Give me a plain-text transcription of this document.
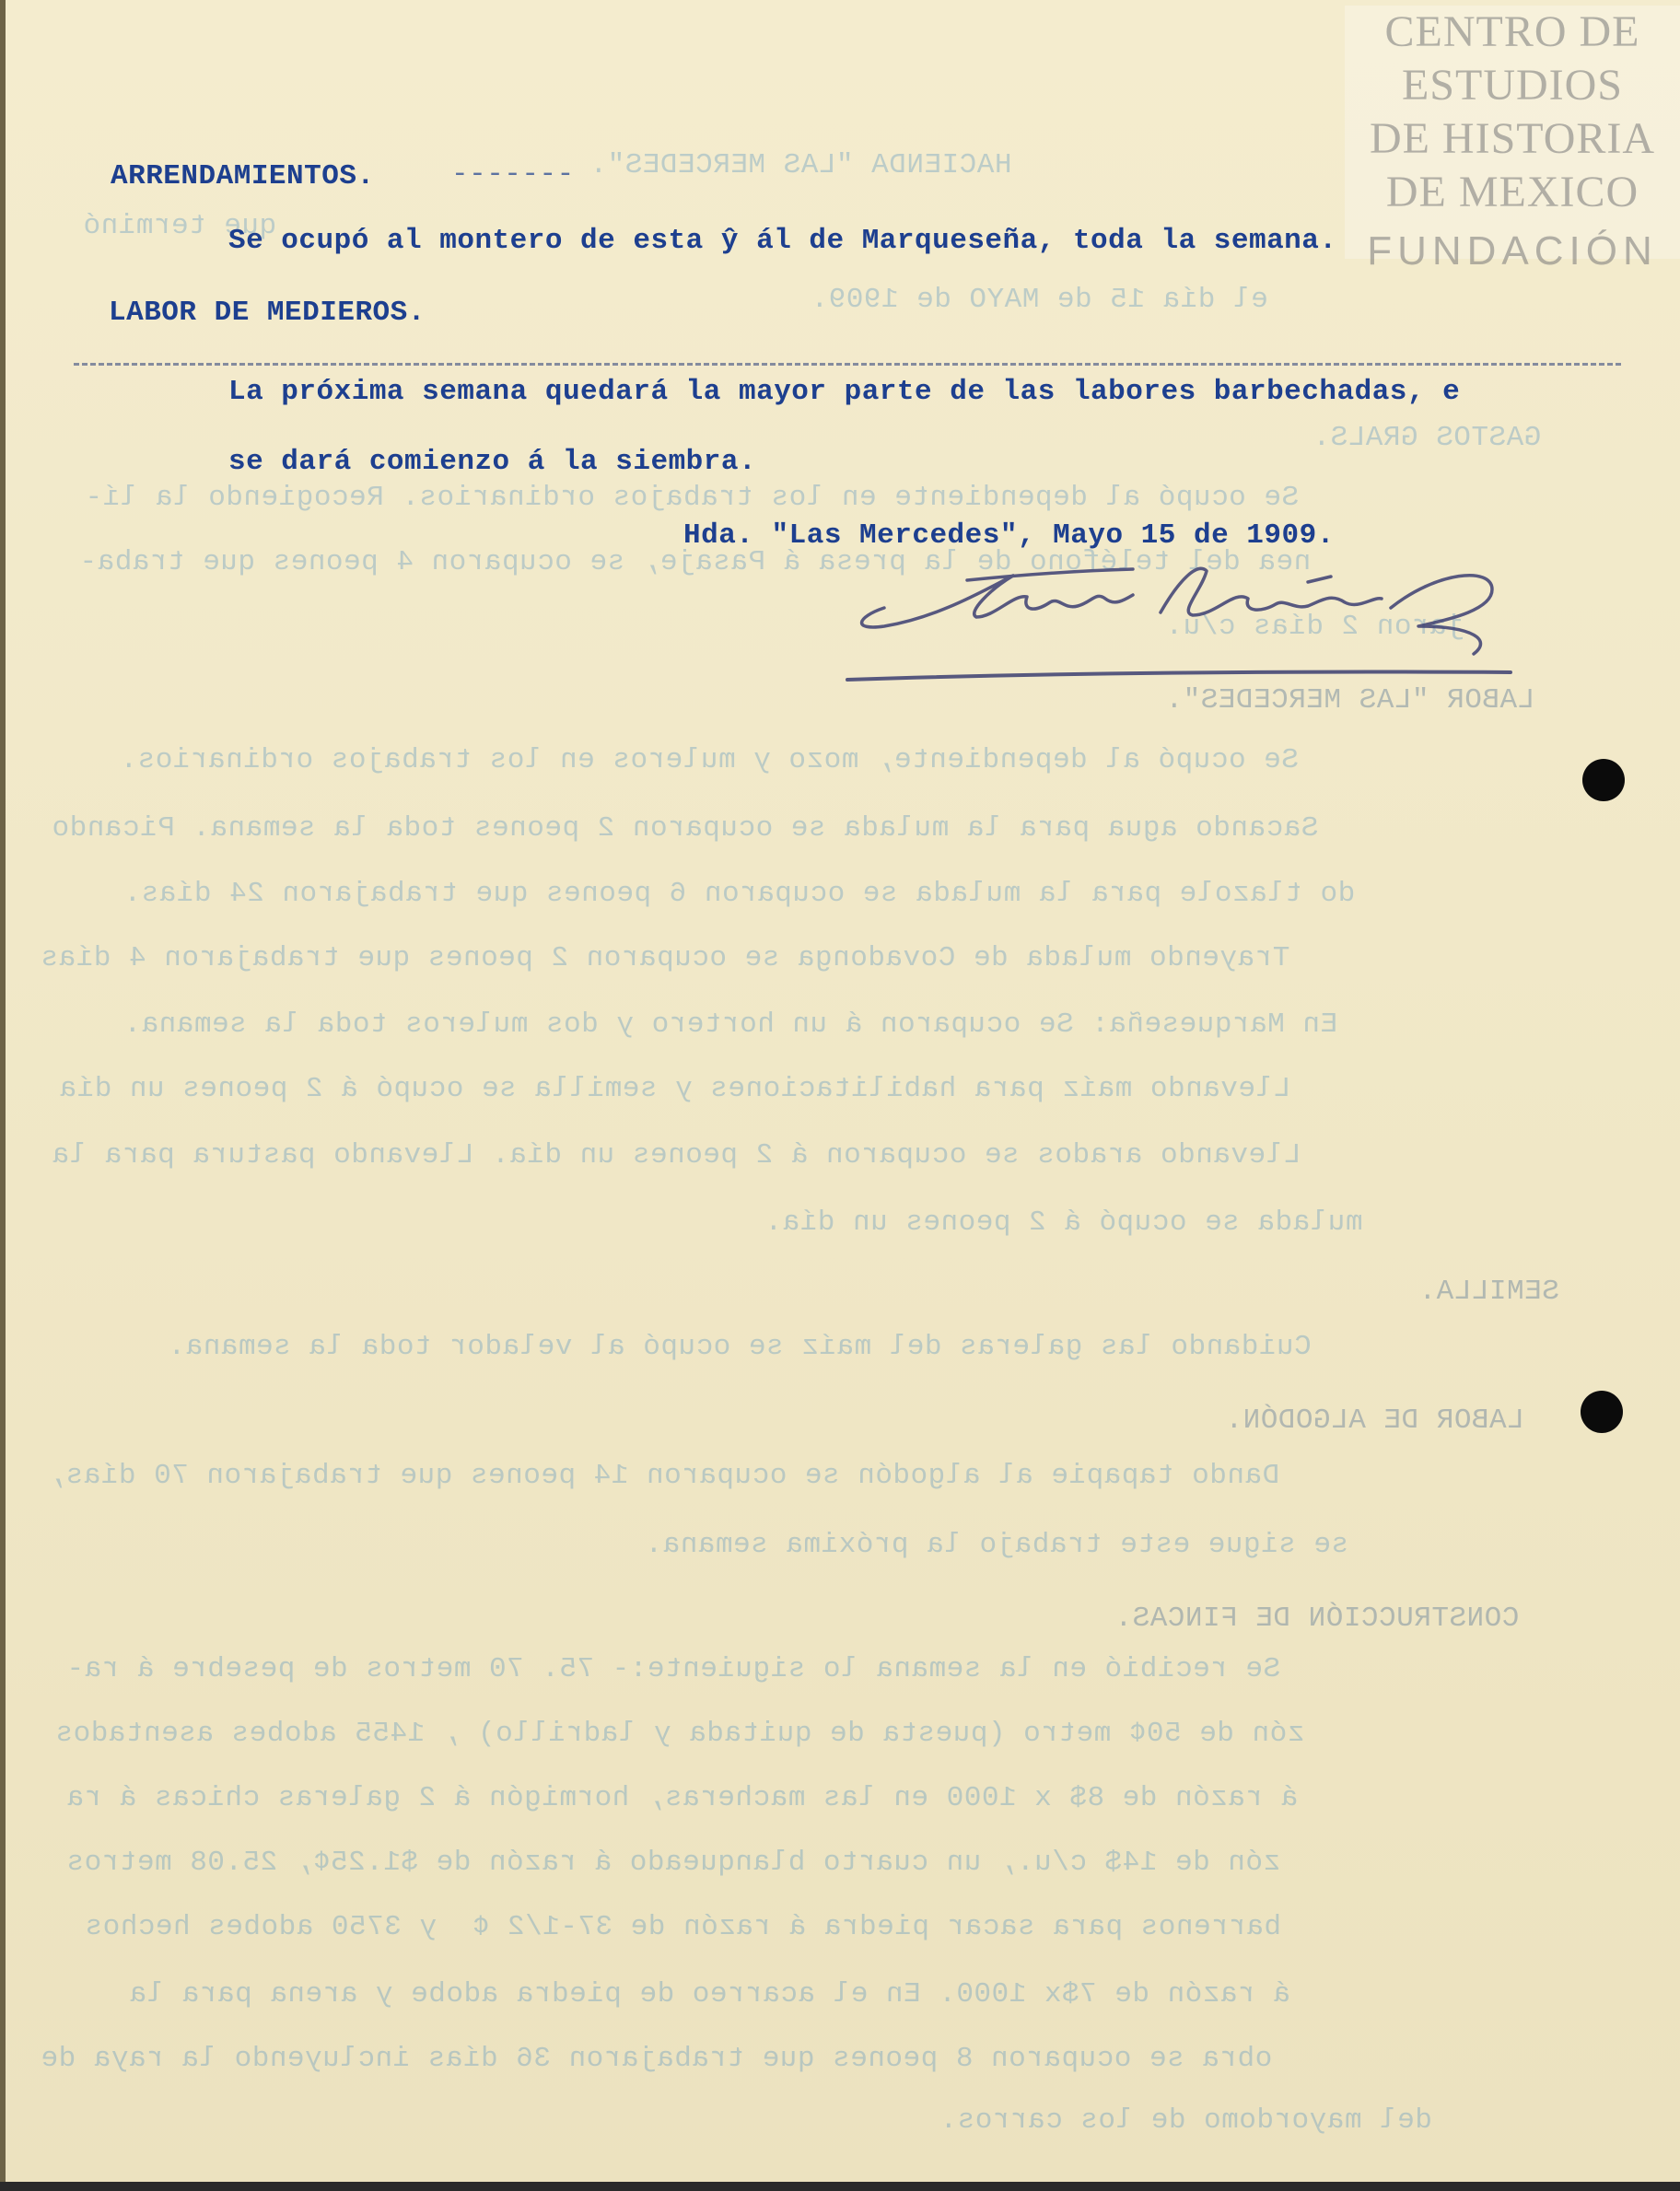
HACIENDA "LAS MERCEDES".
que terminó
el día 15 de MAYO de 1909.
GASTOS GRALS.
Se ocupó al dependiente en los trabajos ordinarios. Recogiendo la lí-
nea del teléfono de la presa á Pasaje, se ocuparon 4 peones que traba-
jaron 2 días c/u.
LABOR "LAS MERCEDES".
Se ocupó al dependiente, mozo y muleros en los trabajos ordinarios.
Sacando agua para la mulada se ocuparon 2 peones toda la semana. Picando
do tlazole para la mulada se ocuparon 6 peones que trabajaron 24 días.
Trayendo mulada de Covadonga se ocuparon 2 peones que trabajaron 4 días
En Marqueseña: Se ocuparon á un hortero y dos muleros toda la semana.
Llevando maíz para habilitaciones y semilla se ocupó á 2 peones un día
Llevando arados se ocuparon á 2 peones un día. Llevando pastura para la
mulada se ocupó á 2 peones un día.
SEMILLA.
Cuidando las galeras del maíz se ocupó al velador toda la semana.
LABOR DE ALGODÓN.
Dando tapapie al algodón se ocuparon 14 peones que trabajaron 70 días,
se sigue este trabajo la próxima semana.
CONSTRUCCIÓN DE FINCAS.
Se recibió en la semana lo siguiente:- 75. 70 metros de pesebre á ra-
zón de 50¢ metro (puesta de quitada y ladrillo) , 1455 adobes asentados
á razón de 8$ x 1000 en las macheras, hormigón á 2 galeras chicas á ra
zón de 14$ c/u., un cuarto blanqueado á razón de $1.25¢, 25.08 metros
barrenos para sacar piedra á razón de 37-1/2 ¢  y 3750 adobes hechos
á razón de 7$x 1000. En el acarreo de piedra adobe y arena para la
obra se ocuparon 8 peones que trabajaron 36 días incluyendo la raya de
del mayordomo de los carros.
CENTRO DE
ESTUDIOS
DE HISTORIA
DE MEXICO
FUNDACIÓN
ARRENDAMIENTOS.	-------
Se ocupó al montero de esta ŷ ál de Marqueseña, toda la semana.
LABOR DE MEDIEROS.
La próxima semana quedará la mayor parte de las labores barbechadas, e
se dará comienzo á la siembra.
Hda. "Las Mercedes", Mayo 15 de 1909.
